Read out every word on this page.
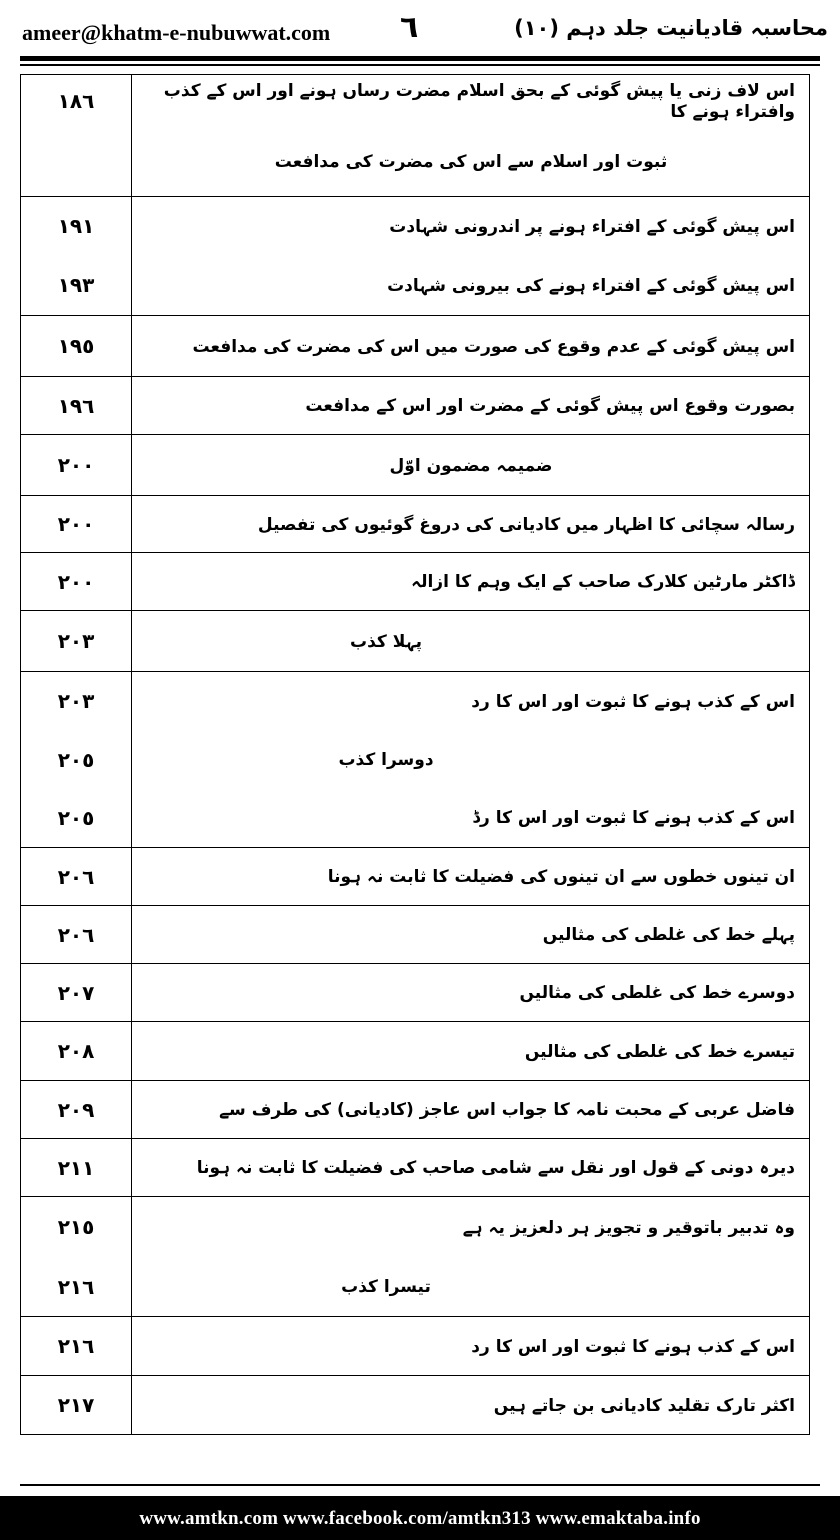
ameer@khatm-e-nubuwwat.com ٦	محاسبہ قادیانیت جلد دہم (١٠)
١٨٦	اس لاف زنی یا پیش گوئی کے بحق اسلام مضرت رساں ہونے اور اس کے کذب وافتراء ہونے کا
	ثبوت اور اسلام سے اس کی مضرت کی مدافعت
١٩١	اس پیش گوئی کے افتراء ہونے پر اندرونی شہادت
١٩٣	اس پیش گوئی کے افتراء ہونے کی بیرونی شہادت
١٩٥	اس پیش گوئی کے عدم وقوع کی صورت میں اس کی مضرت کی مدافعت
١٩٦	بصورت وقوع اس پیش گوئی کے مضرت اور اس کے مدافعت
٢٠٠	ضمیمہ مضمون اوّل
٢٠٠	رسالہ سچائی کا اظہار میں کادیانی کی دروغ گوئیوں کی تفصیل
٢٠٠	ڈاکٹر مارٹین کلارک صاحب کے ایک وہم کا ازالہ
٢٠٣	پہلا کذب
٢٠٣	اس کے کذب ہونے کا ثبوت اور اس کا رد
٢٠٥	دوسرا کذب
٢٠٥	اس کے کذب ہونے کا ثبوت اور اس کا رڈ
٢٠٦	ان تینوں خطوں سے ان تینوں کی فضیلت کا ثابت نہ ہونا
٢٠٦	پہلے خط کی غلطی کی مثالیں
٢٠٧	دوسرے خط کی غلطی کی مثالیں
٢٠٨	تیسرے خط کی غلطی کی مثالیں
٢٠٩	فاضل عربی کے محبت نامہ کا جواب اس عاجز (کادیانی) کی طرف سے
٢١١	دیرہ دونی کے قول اور نقل سے شامی صاحب کی فضیلت کا ثابت نہ ہونا
٢١٥	وہ تدبیر باتوقیر و تجویز ہر دلعزیز یہ ہے
٢١٦	تیسرا کذب
٢١٦	اس کے کذب ہونے کا ثبوت اور اس کا رد
٢١٧	اکثر تارک تقلید کادیانی بن جاتے ہیں
www.amtkn.com www.facebook.com/amtkn313 www.emaktaba.info
